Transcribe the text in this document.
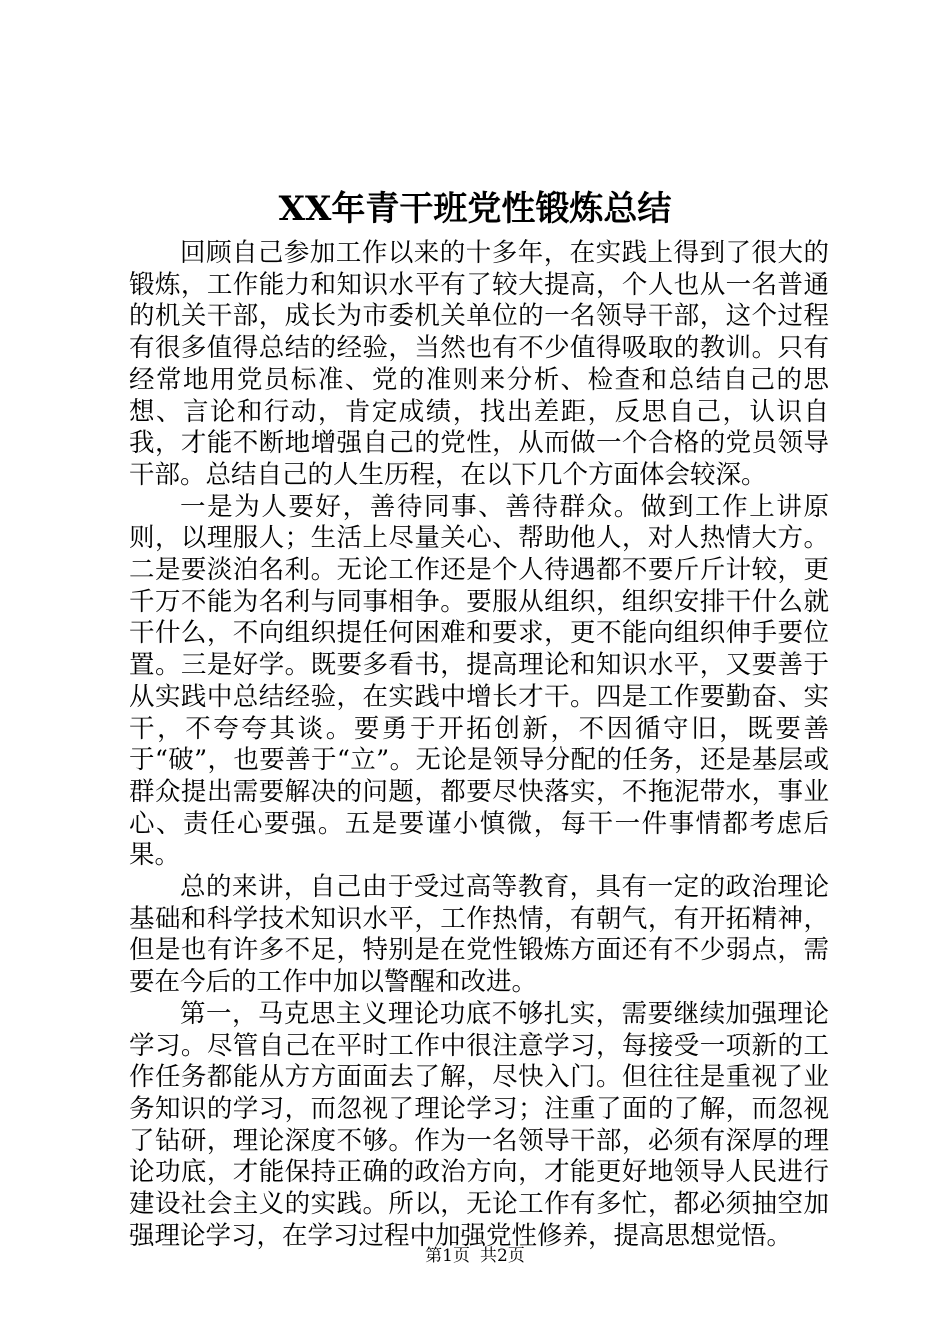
XX年青干班党性锻炼总结

回顾自己参加工作以来的十多年，在实践上得到了很大的锻炼，工作能力和知识水平有了较大提高，个人也从一名普通的机关干部，成长为市委机关单位的一名领导干部，这个过程有很多值得总结的经验，当然也有不少值得吸取的教训。只有经常地用党员标准、党的准则来分析、检查和总结自己的思想、言论和行动，肯定成绩，找出差距，反思自己，认识自我，才能不断地增强自己的党性，从而做一个合格的党员领导干部。总结自己的人生历程，在以下几个方面体会较深。

一是为人要好，善待同事、善待群众。做到工作上讲原则，以理服人；生活上尽量关心、帮助他人，对人热情大方。二是要淡泊名利。无论工作还是个人待遇都不要斤斤计较，更千万不能为名利与同事相争。要服从组织，组织安排干什么就干什么，不向组织提任何困难和要求，更不能向组织伸手要位置。三是好学。既要多看书，提高理论和知识水平，又要善于从实践中总结经验，在实践中增长才干。四是工作要勤奋、实干，不夸夸其谈。要勇于开拓创新，不因循守旧，既要善于“破”，也要善于“立”。无论是领导分配的任务，还是基层或群众提出需要解决的问题，都要尽快落实，不拖泥带水，事业心、责任心要强。五是要谨小慎微，每干一件事情都考虑后果。

总的来讲，自己由于受过高等教育，具有一定的政治理论基础和科学技术知识水平，工作热情，有朝气，有开拓精神，但是也有许多不足，特别是在党性锻炼方面还有不少弱点，需要在今后的工作中加以警醒和改进。

第一，马克思主义理论功底不够扎实，需要继续加强理论学习。尽管自己在平时工作中很注意学习，每接受一项新的工作任务都能从方方面面去了解，尽快入门。但往往是重视了业务知识的学习，而忽视了理论学习；注重了面的了解，而忽视了钻研，理论深度不够。作为一名领导干部，必须有深厚的理论功底，才能保持正确的政治方向，才能更好地领导人民进行建设社会主义的实践。所以，无论工作有多忙，都必须抽空加强理论学习，在学习过程中加强党性修养，提高思想觉悟。

第1页 共2页
